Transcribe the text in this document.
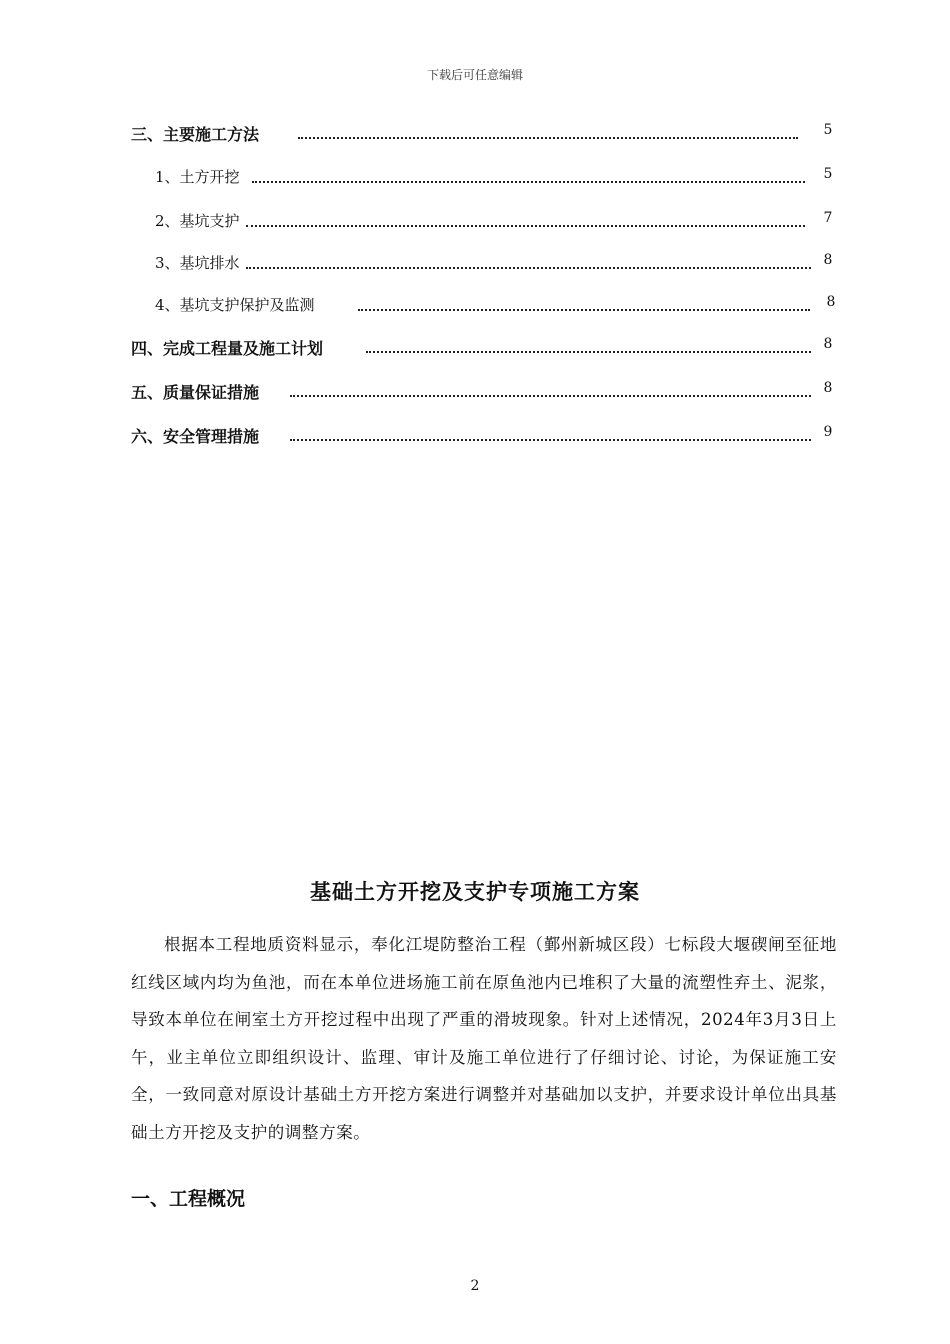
下载后可任意编辑
三、主要施工方法	5
1、土方开挖	5
2、基坑支护	7
3、基坑排水	8
4、基坑支护保护及监测	8
四、完成工程量及施工计划	8
五、质量保证措施	8
六、安全管理措施	9
基础土方开挖及支护专项施工方案

根据本工程地质资料显示，奉化江堤防整治工程（鄞州新城区段）七标段大堰碶闸至征地红线区域内均为鱼池，而在本单位进场施工前在原鱼池内已堆积了大量的流塑性弃土、泥浆，导致本单位在闸室土方开挖过程中出现了严重的滑坡现象。针对上述情况，2024年3月3日上午，业主单位立即组织设计、监理、审计及施工单位进行了仔细讨论、讨论，为保证施工安全，一致同意对原设计基础土方开挖方案进行调整并对基础加以支护，并要求设计单位出具基础土方开挖及支护的调整方案。

一、工程概况
2
